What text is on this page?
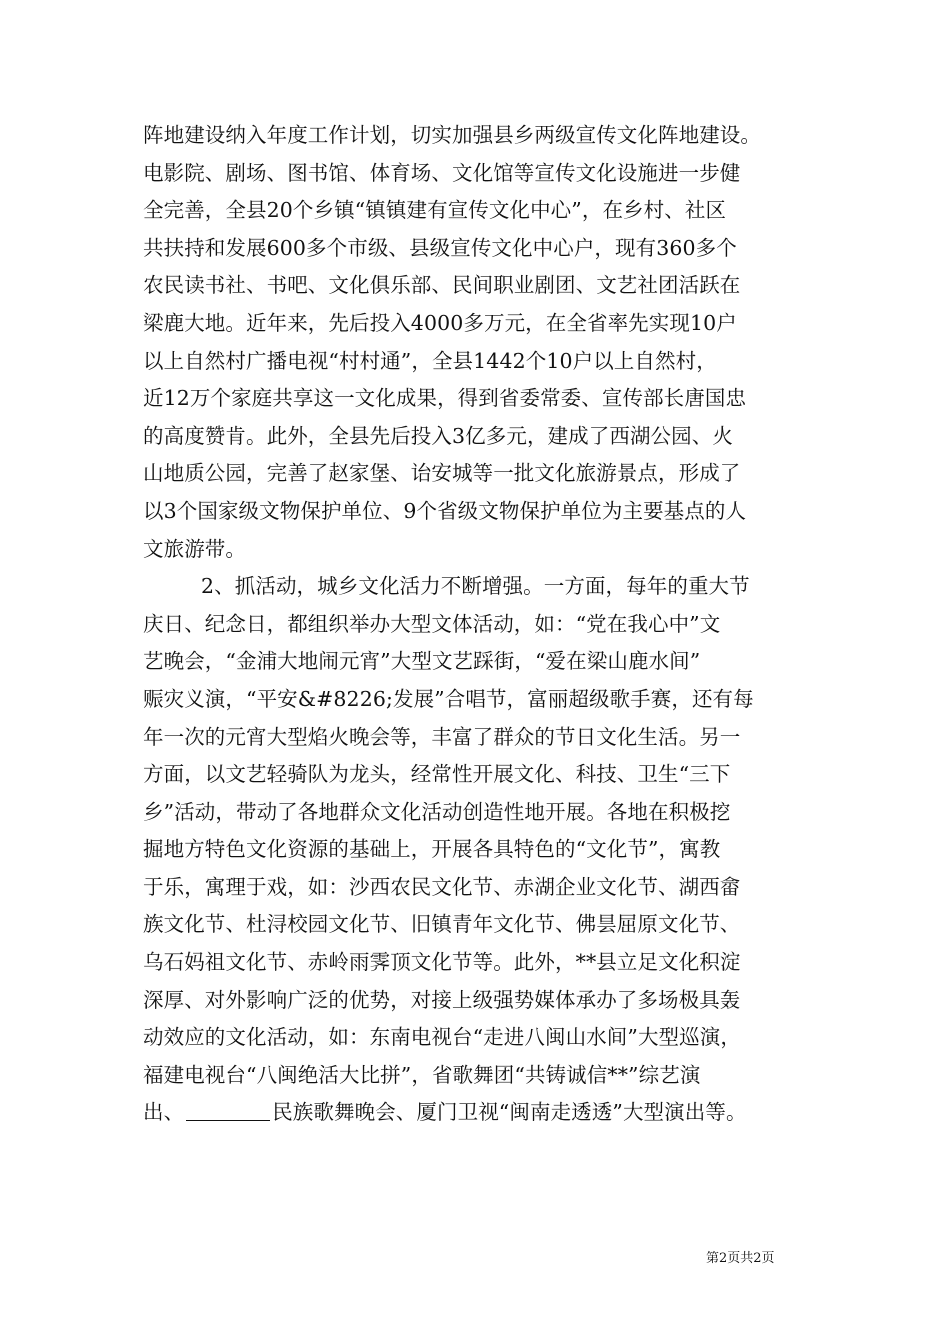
阵地建设纳入年度工作计划，切实加强县乡两级宣传文化阵地建设。
电影院、剧场、图书馆、体育场、文化馆等宣传文化设施进一步健
全完善，全县20个乡镇“镇镇建有宣传文化中心”，在乡村、社区
共扶持和发展600多个市级、县级宣传文化中心户，现有360多个
农民读书社、书吧、文化俱乐部、民间职业剧团、文艺社团活跃在
梁鹿大地。近年来，先后投入4000多万元，在全省率先实现10户
以上自然村广播电视“村村通”，全县1442个10户以上自然村，
近12万个家庭共享这一文化成果，得到省委常委、宣传部长唐国忠
的高度赞肯。此外，全县先后投入3亿多元，建成了西湖公园、火
山地质公园，完善了赵家堡、诒安城等一批文化旅游景点，形成了
以3个国家级文物保护单位、9个省级文物保护单位为主要基点的人
文旅游带。
2、抓活动，城乡文化活力不断增强。一方面，每年的重大节
庆日、纪念日，都组织举办大型文体活动，如：“党在我心中”文
艺晚会，“金浦大地闹元宵”大型文艺踩街，“爱在梁山鹿水间”
赈灾义演，“平安&#8226;发展”合唱节，富丽超级歌手赛，还有每
年一次的元宵大型焰火晚会等，丰富了群众的节日文化生活。另一
方面，以文艺轻骑队为龙头，经常性开展文化、科技、卫生“三下
乡”活动，带动了各地群众文化活动创造性地开展。各地在积极挖
掘地方特色文化资源的基础上，开展各具特色的“文化节”，寓教
于乐，寓理于戏，如：沙西农民文化节、赤湖企业文化节、湖西畲
族文化节、杜浔校园文化节、旧镇青年文化节、佛昙屈原文化节、
乌石妈祖文化节、赤岭雨霁顶文化节等。此外，**县立足文化积淀
深厚、对外影响广泛的优势，对接上级强势媒体承办了多场极具轰
动效应的文化活动，如：东南电视台“走进八闽山水间”大型巡演，
福建电视台“八闽绝活大比拼”，省歌舞团“共铸诚信**”综艺演
出、	民族歌舞晚会、厦门卫视“闽南走透透”大型演出等。
第2页共2页
